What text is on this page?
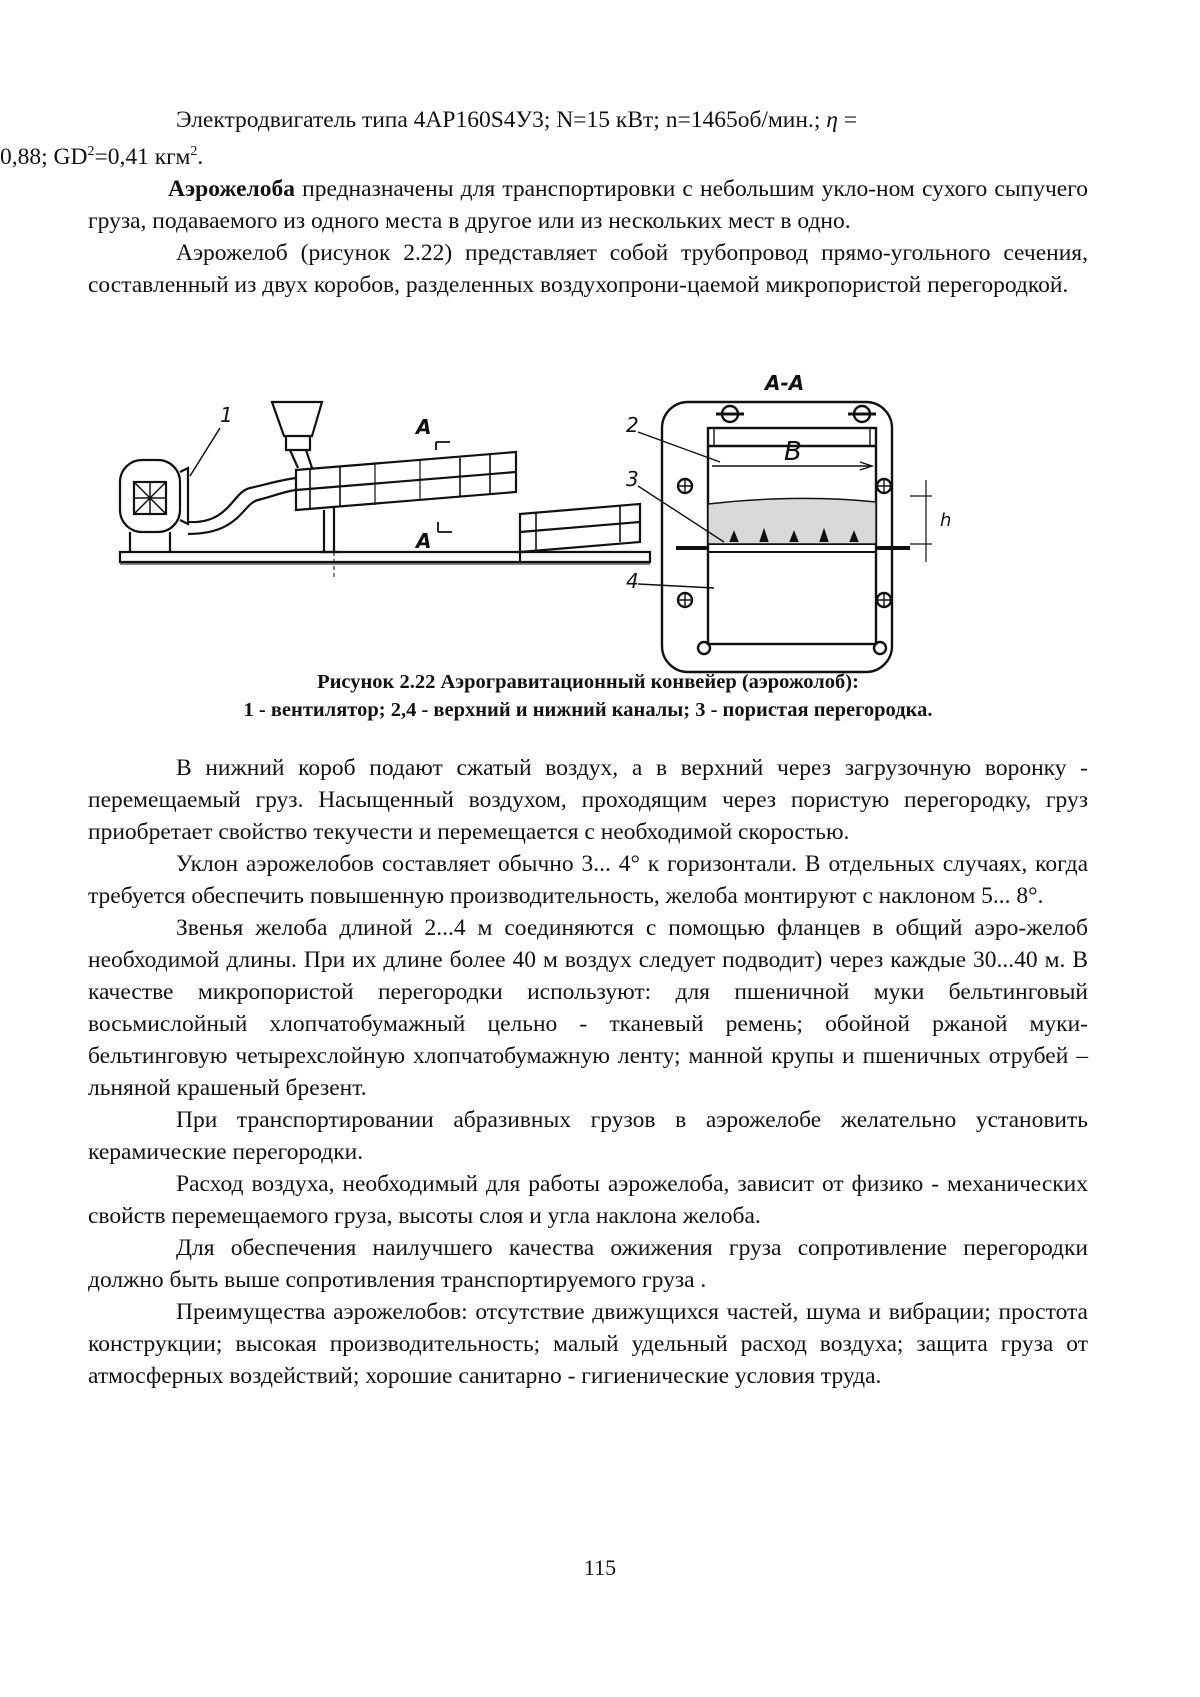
Электродвигатель типа 4АР160S4У3; N=15 кВт; n=1465об/мин.; η =
0,88; GD2=0,41 кгм2.

Аэрожелоба предназначены для транспортировки с небольшим укло-ном сухого сыпучего груза, подаваемого из одного места в другое или из нескольких мест в одно.

Аэрожелоб (рисунок 2.22) представляет собой трубопровод прямо-угольного сечения, составленный из двух коробов, разделенных воздухопрони-цаемой микропористой перегородкой.

А-А
1	2
3
4
А
А
B
h
Рисунок 2.22 Аэрогравитационный конвейер (аэрожолоб):
1 - вентилятор; 2,4 - верхний и нижний каналы; 3 - пористая перегородка.

В нижний короб подают сжатый воздух, а в верхний через загрузочную воронку - перемещаемый груз. Насыщенный воздухом, проходящим через пористую перегородку, груз приобретает свойство текучести и перемещается с необходимой скоростью.

Уклон аэрожелобов составляет обычно 3... 4° к горизонтали. В отдельных случаях, когда требуется обеспечить повышенную производительность, желоба монтируют с наклоном 5... 8°.

Звенья желоба длиной 2...4 м соединяются с помощью фланцев в общий аэро-желоб необходимой длины. При их длине более 40 м воздух следует подводит) через каждые 30...40 м. В качестве микропористой перегородки используют: для пшеничной муки бельтинговый восьмислойный хлопчатобумажный цельно - тканевый ремень; обойной ржаной муки-бельтинговую четырехслойную хлопчатобумажную ленту; манной крупы и пшеничных отрубей – льняной крашеный брезент.

При транспортировании абразивных грузов в аэрожелобе желательно установить керамические перегородки.

Расход воздуха, необходимый для работы аэрожелоба, зависит от физико - механических свойств перемещаемого груза, высоты слоя и угла наклона желоба.

Для обеспечения наилучшего качества ожижения груза сопротивление перегородки должно быть выше сопротивления транспортируемого груза .

Преимущества аэрожелобов: отсутствие движущихся частей, шума и вибрации; простота конструкции; высокая производительность; малый удельный расход воздуха; защита груза от атмосферных воздействий; хорошие санитарно - гигиенические условия труда.

115
